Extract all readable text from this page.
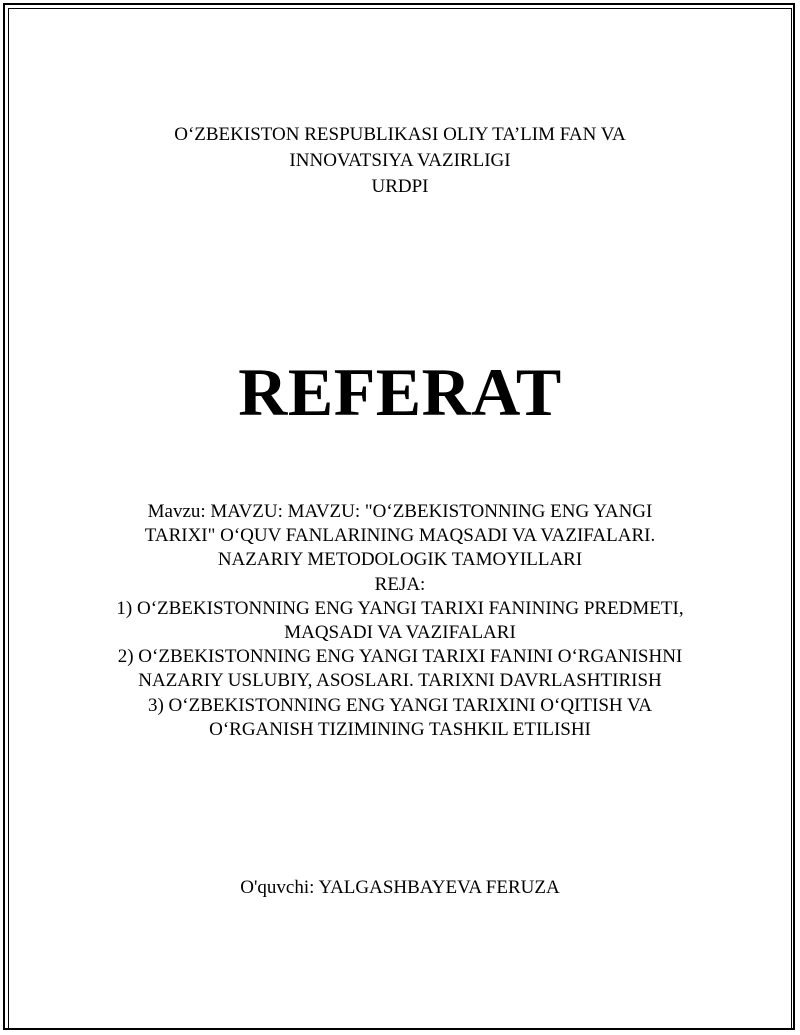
O‘ZBEKISTON RESPUBLIKASI OLIY TA’LIM FAN VA
INNOVATSIYA VAZIRLIGI
URDPI
REFERAT
Mavzu: MAVZU: MAVZU: "O‘ZBEKISTONNING ENG YANGI
TARIXI" O‘QUV FANLARINING MAQSADI VA VAZIFALARI.
NAZARIY METODOLOGIK TAMOYILLARI
REJA:
1) O‘ZBEKISTONNING ENG YANGI TARIXI FANINING PREDMETI,
MAQSADI VA VAZIFALARI
2) O‘ZBEKISTONNING ENG YANGI TARIXI FANINI O‘RGANISHNI
NAZARIY USLUBIY, ASOSLARI. TARIXNI DAVRLASHTIRISH
3) O‘ZBEKISTONNING ENG YANGI TARIXINI O‘QITISH VA
O‘RGANISH TIZIMINING TASHKIL ETILISHI
O'quvchi: YALGASHBAYEVA FERUZA
